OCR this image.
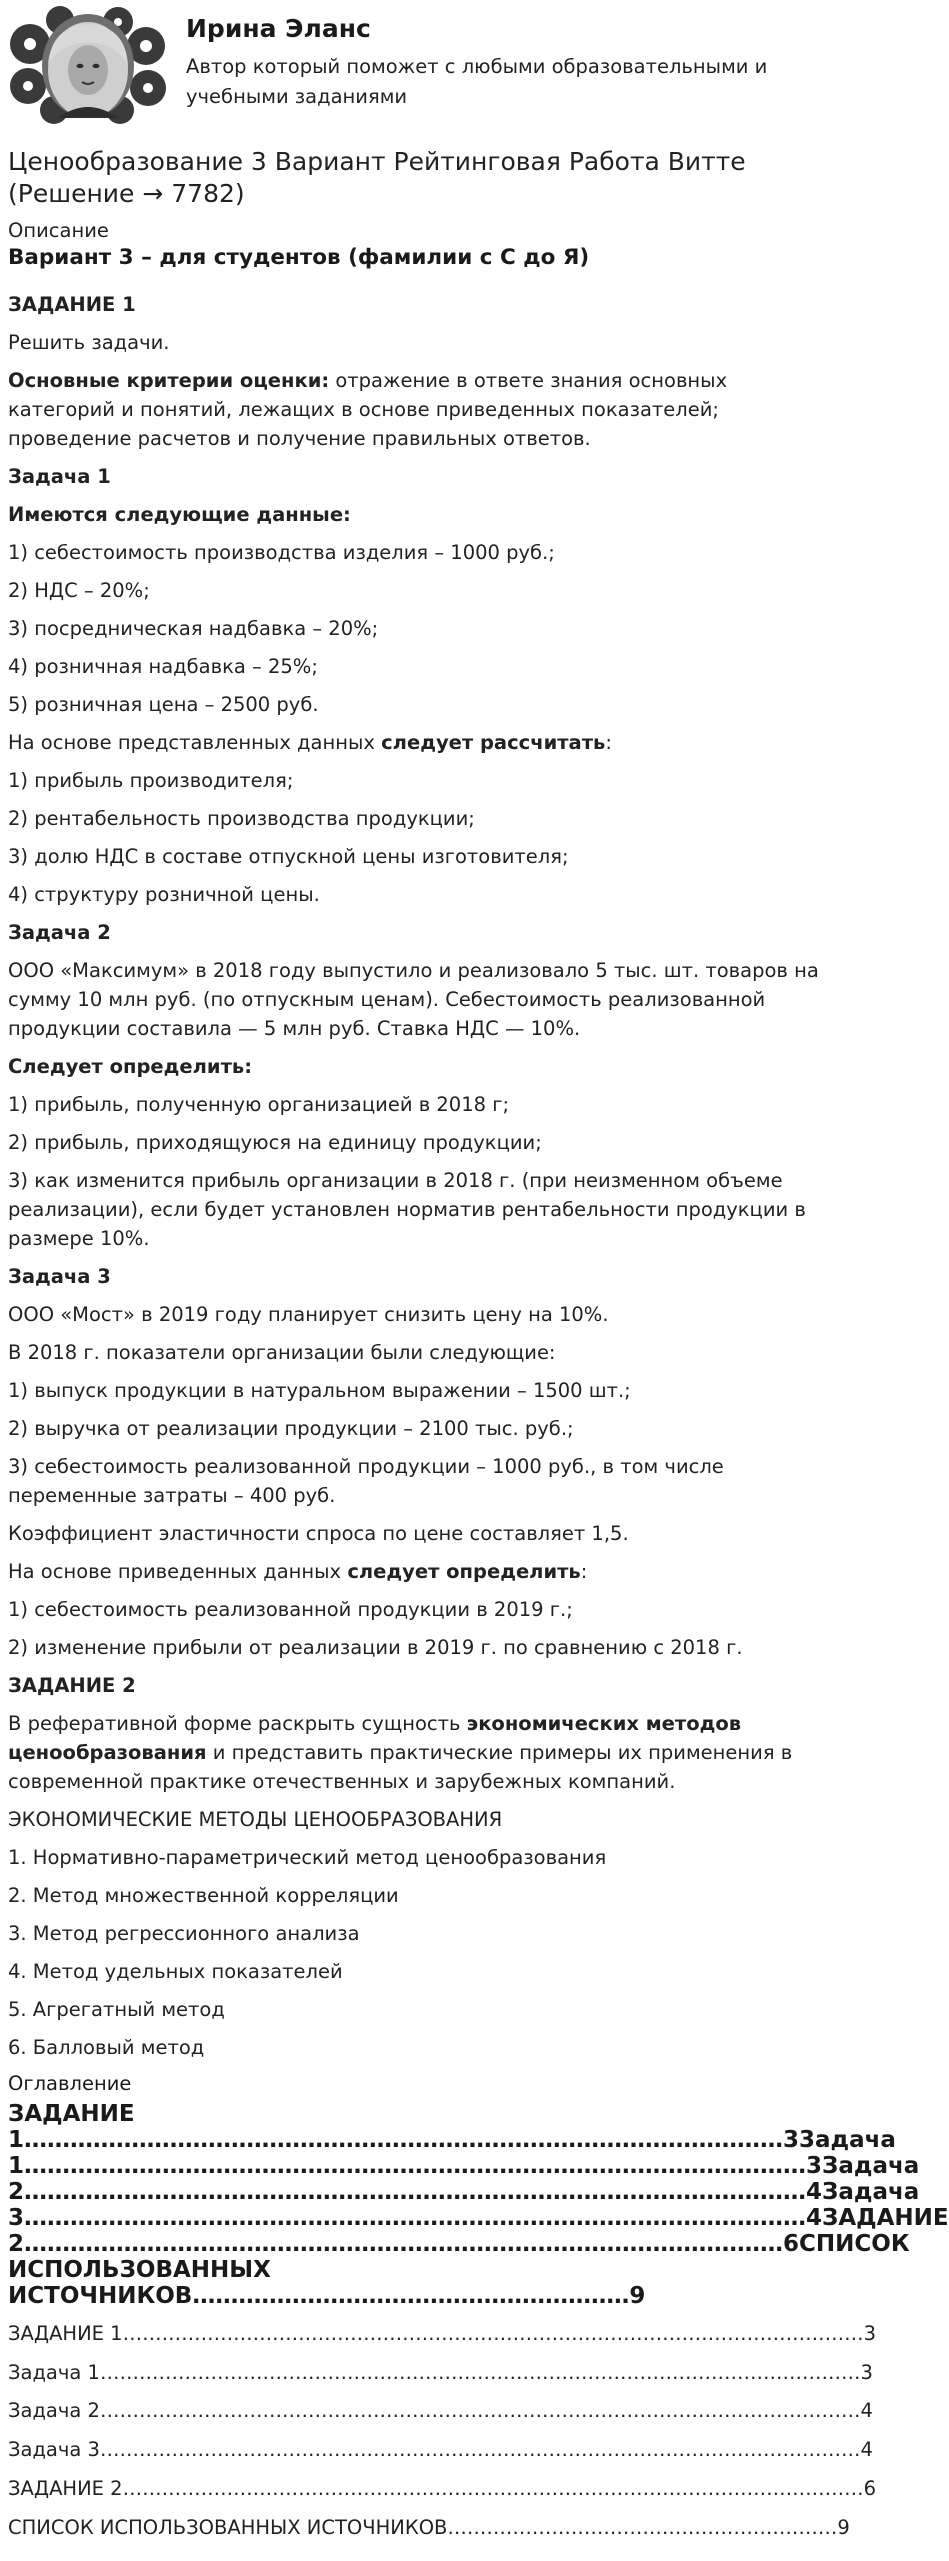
Ирина Эланс
Автор который поможет с любыми образовательными и учебными заданиями
Ценообразование 3 Вариант Рейтинговая Работа Витте (Решение → 7782)
Описание
Вариант 3 – для студентов (фамилии с С до Я)

ЗАДАНИЕ 1

Решить задачи.

Основные критерии оценки: отражение в ответе знания основных категорий и понятий, лежащих в основе приведенных показателей; проведение расчетов и получение правильных ответов.

Задача 1

Имеются следующие данные:

1) себестоимость производства изделия – 1000 руб.;

2) НДС – 20%;

3) посредническая надбавка – 20%;

4) розничная надбавка – 25%;

5) розничная цена – 2500 руб.

На основе представленных данных следует рассчитать:

1) прибыль производителя;

2) рентабельность производства продукции;

3) долю НДС в составе отпускной цены изготовителя;

4) структуру розничной цены.

Задача 2

ООО «Максимум» в 2018 году выпустило и реализовало 5 тыс. шт. товаров на сумму 10 млн руб. (по отпускным ценам). Себестоимость реализованной продукции составила — 5 млн руб. Ставка НДС — 10%.

Следует определить:

1) прибыль, полученную организацией в 2018 г;

2) прибыль, приходящуюся на единицу продукции;

3) как изменится прибыль организации в 2018 г. (при неизменном объеме реализации), если будет установлен норматив рентабельности продукции в размере 10%.

Задача 3

ООО «Мост» в 2019 году планирует снизить цену на 10%.

В 2018 г. показатели организации были следующие:

1) выпуск продукции в натуральном выражении – 1500 шт.;

2) выручка от реализации продукции – 2100 тыс. руб.;

3) себестоимость реализованной продукции – 1000 руб., в том числе переменные затраты – 400 руб.

Коэффициент эластичности спроса по цене составляет 1,5.

На основе приведенных данных следует определить:

1) себестоимость реализованной продукции в 2019 г.;

2) изменение прибыли от реализации в 2019 г. по сравнению с 2018 г.

ЗАДАНИЕ 2

В реферативной форме раскрыть сущность экономических методов ценообразования и представить практические примеры их применения в современной практике отечественных и зарубежных компаний.

ЭКОНОМИЧЕСКИЕ МЕТОДЫ ЦЕНООБРАЗОВАНИЯ

1. Нормативно-параметрический метод ценообразования

2. Метод множественной корреляции

3. Метод регрессионного анализа

4. Метод удельных показателей

5. Агрегатный метод

6. Балловый метод

Оглавление
ЗАДАНИЕ
1………………………………………………………………………………………33адача
1…………………………………………………………………………………………3Задача
2…………………………………………………………………………………………4Задача
3…………………………………………………………………………………………4ЗАДАНИЕ
2………………………………………………………………………………………6СПИСОК
ИСПОЛЬЗОВАННЫХ
ИСТОЧНИКОВ…………………………………………………9
ЗАДАНИЕ 1……………………………………………………………………………………………………3
Задача 1………………………………………………………………………………………………………3
Задача 2………………………………………………………………………………………………………4
Задача 3………………………………………………………………………………………………………4
ЗАДАНИЕ 2……………………………………………………………………………………………………6
СПИСОК ИСПОЛЬЗОВАННЫХ ИСТОЧНИКОВ……………………………………………………9
